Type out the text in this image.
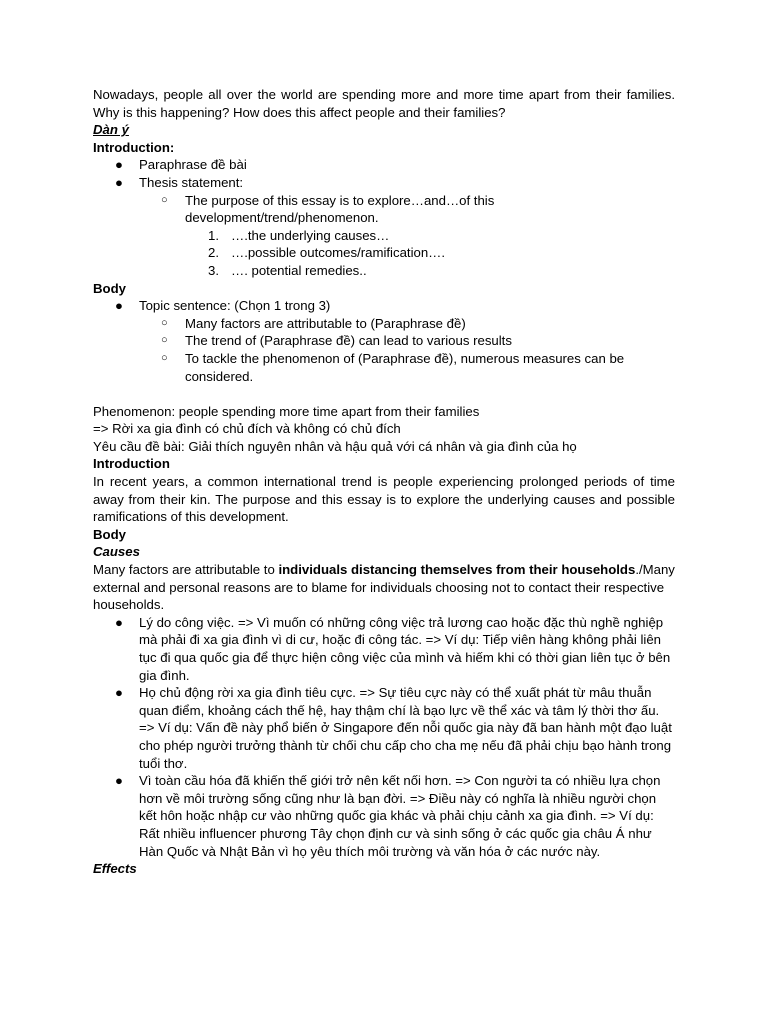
Nowadays, people all over the world are spending more and more time apart from their families. Why is this happening? How does this affect people and their families?

Dàn ý

Introduction:

● Paraphrase đề bài
● Thesis statement:
○ The purpose of this essay is to explore…and…of this development/trend/phenomenon.
1. ….the underlying causes…
2. ….possible outcomes/ramification….
3. …. potential remedies..

Body

● Topic sentence: (Chọn 1 trong 3)
○ Many factors are attributable to (Paraphrase đề)
○ The trend of (Paraphrase đề) can lead to various results
○ To tackle the phenomenon of (Paraphrase đề), numerous measures can be considered.

Phenomenon: people spending more time apart from their families

=> Rời xa gia đình có chủ đích và không có chủ đích

Yêu cầu đề bài: Giải thích nguyên nhân và hậu quả với cá nhân và gia đình của họ

Introduction

In recent years, a common international trend is people experiencing prolonged periods of time away from their kin. The purpose and this essay is to explore the underlying causes and possible ramifications of this development.

Body

Causes

Many factors are attributable to individuals distancing themselves from their households./Many external and personal reasons are to blame for individuals choosing not to contact their respective households.

● Lý do công việc. => Vì muốn có những công việc trả lương cao hoặc đặc thù nghề nghiệp mà phải đi xa gia đình vì di cư, hoặc đi công tác. => Ví dụ: Tiếp viên hàng không phải liên tục đi qua quốc gia để thực hiện công việc của mình và hiếm khi có thời gian liên tục ở bên gia đình.
● Họ chủ động rời xa gia đình tiêu cực. => Sự tiêu cực này có thể xuất phát từ mâu thuẫn quan điểm, khoảng cách thế hệ, hay thậm chí là bạo lực về thể xác và tâm lý thời thơ ấu. => Ví dụ: Vấn đề này phổ biến ở Singapore đến nỗi quốc gia này đã ban hành một đạo luật cho phép người trưởng thành từ chối chu cấp cho cha mẹ nếu đã phải chịu bạo hành trong tuổi thơ.
● Vì toàn cầu hóa đã khiến thế giới trở nên kết nối hơn. => Con người ta có nhiều lựa chọn hơn về môi trường sống cũng như là bạn đời. => Điều này có nghĩa là nhiều người chọn kết hôn hoặc nhập cư vào những quốc gia khác và phải chịu cảnh xa gia đình. => Ví dụ: Rất nhiều influencer phương Tây chọn định cư và sinh sống ở các quốc gia châu Á như Hàn Quốc và Nhật Bản vì họ yêu thích môi trường và văn hóa ở các nước này.

Effects
